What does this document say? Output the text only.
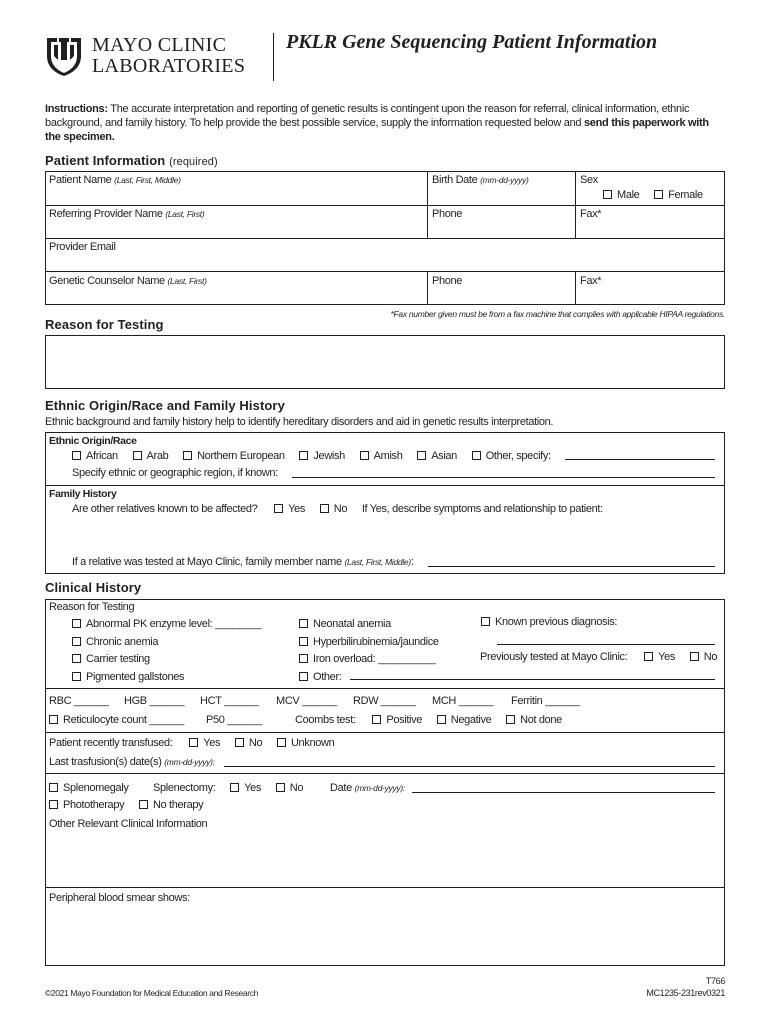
MAYO CLINIC
LABORATORIES
PKLR Gene Sequencing Patient Information
Instructions: The accurate interpretation and reporting of genetic results is contingent upon the reason for referral, clinical information, ethnic background, and family history. To help provide the best possible service, supply the information requested below and send this paperwork with the specimen.
Patient Information (required)
Patient Name (Last, First, Middle)	Birth Date (mm-dd-yyyy)	Sex
Male	Female
Referring Provider Name (Last, First)	Phone	Fax*
Provider Email
Genetic Counselor Name (Last, First)	Phone	Fax*
*Fax number given must be from a fax machine that complies with applicable HIPAA regulations.
Reason for Testing
Ethnic Origin/Race and Family History
Ethnic background and family history help to identify hereditary disorders and aid in genetic results interpretation.
Ethnic Origin/Race
African	Arab	Northern European	Jewish	Amish	Asian	Other, specify:
Specify ethnic or geographic region, if known:
Family History
Are other relatives known to be affected?	Yes	No If Yes, describe symptoms and relationship to patient:
If a relative was tested at Mayo Clinic, family member name (Last, First, Middle):
Clinical History
Reason for Testing
Abnormal PK enzyme level: ________
Chronic anemia
Carrier testing
Pigmented gallstones
Neonatal anemia
Hyperbilirubinemia/jaundice
Iron overload: __________
Other:
Known previous diagnosis:
Previously tested at Mayo Clinic:	Yes	No
RBC ______ HGB ______ HCT ______ MCV ______ RDW ______ MCH ______ Ferritin ______
Reticulocyte count ______ P50 ______	Coombs test:	Positive	Negative	Not done
Patient recently transfused:	Yes	No	Unknown
Last trasfusion(s) date(s) (mm-dd-yyyy):
Splenomegaly Splenectomy:	Yes	No	Date (mm-dd-yyyy):
Phototherapy	No therapy
Other Relevant Clinical Information
Peripheral blood smear shows:
©2021 Mayo Foundation for Medical Education and Research
T766
MC1235-231rev0321
